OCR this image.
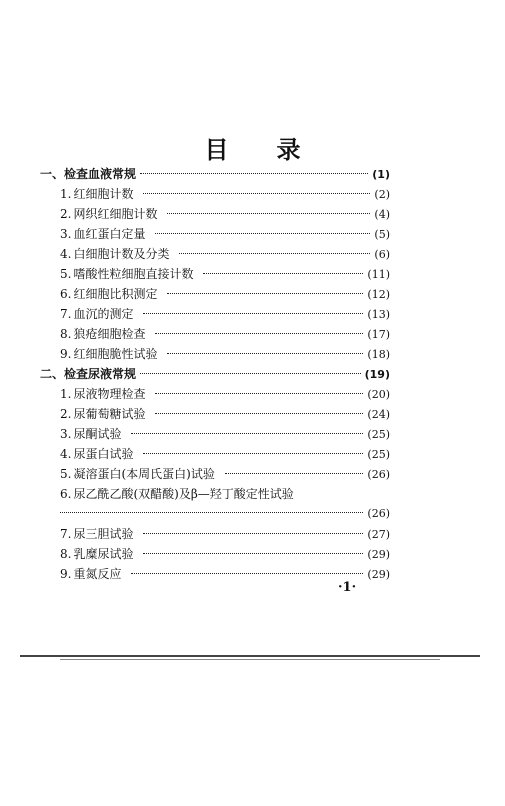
目 录
一、检查血液常规	(1)
1. 红细胞计数	(2)
2. 网织红细胞计数	(4)
3. 血红蛋白定量	(5)
4. 白细胞计数及分类	(6)
5. 嗜酸性粒细胞直接计数	(11)
6. 红细胞比积测定	(12)
7. 血沉的测定	(13)
8. 狼疮细胞检查	(17)
9. 红细胞脆性试验	(18)
二、检查尿液常规	(19)
1. 尿液物理检查	(20)
2. 尿葡萄糖试验	(24)
3. 尿酮试验	(25)
4. 尿蛋白试验	(25)
5. 凝溶蛋白(本周氏蛋白)试验	(26)
6. 尿乙酰乙酸(双醋酸)及β—羟丁酸定性试验
(26)
7. 尿三胆试验	(27)
8. 乳糜尿试验	(29)
9. 重氮反应	(29)
·1·
